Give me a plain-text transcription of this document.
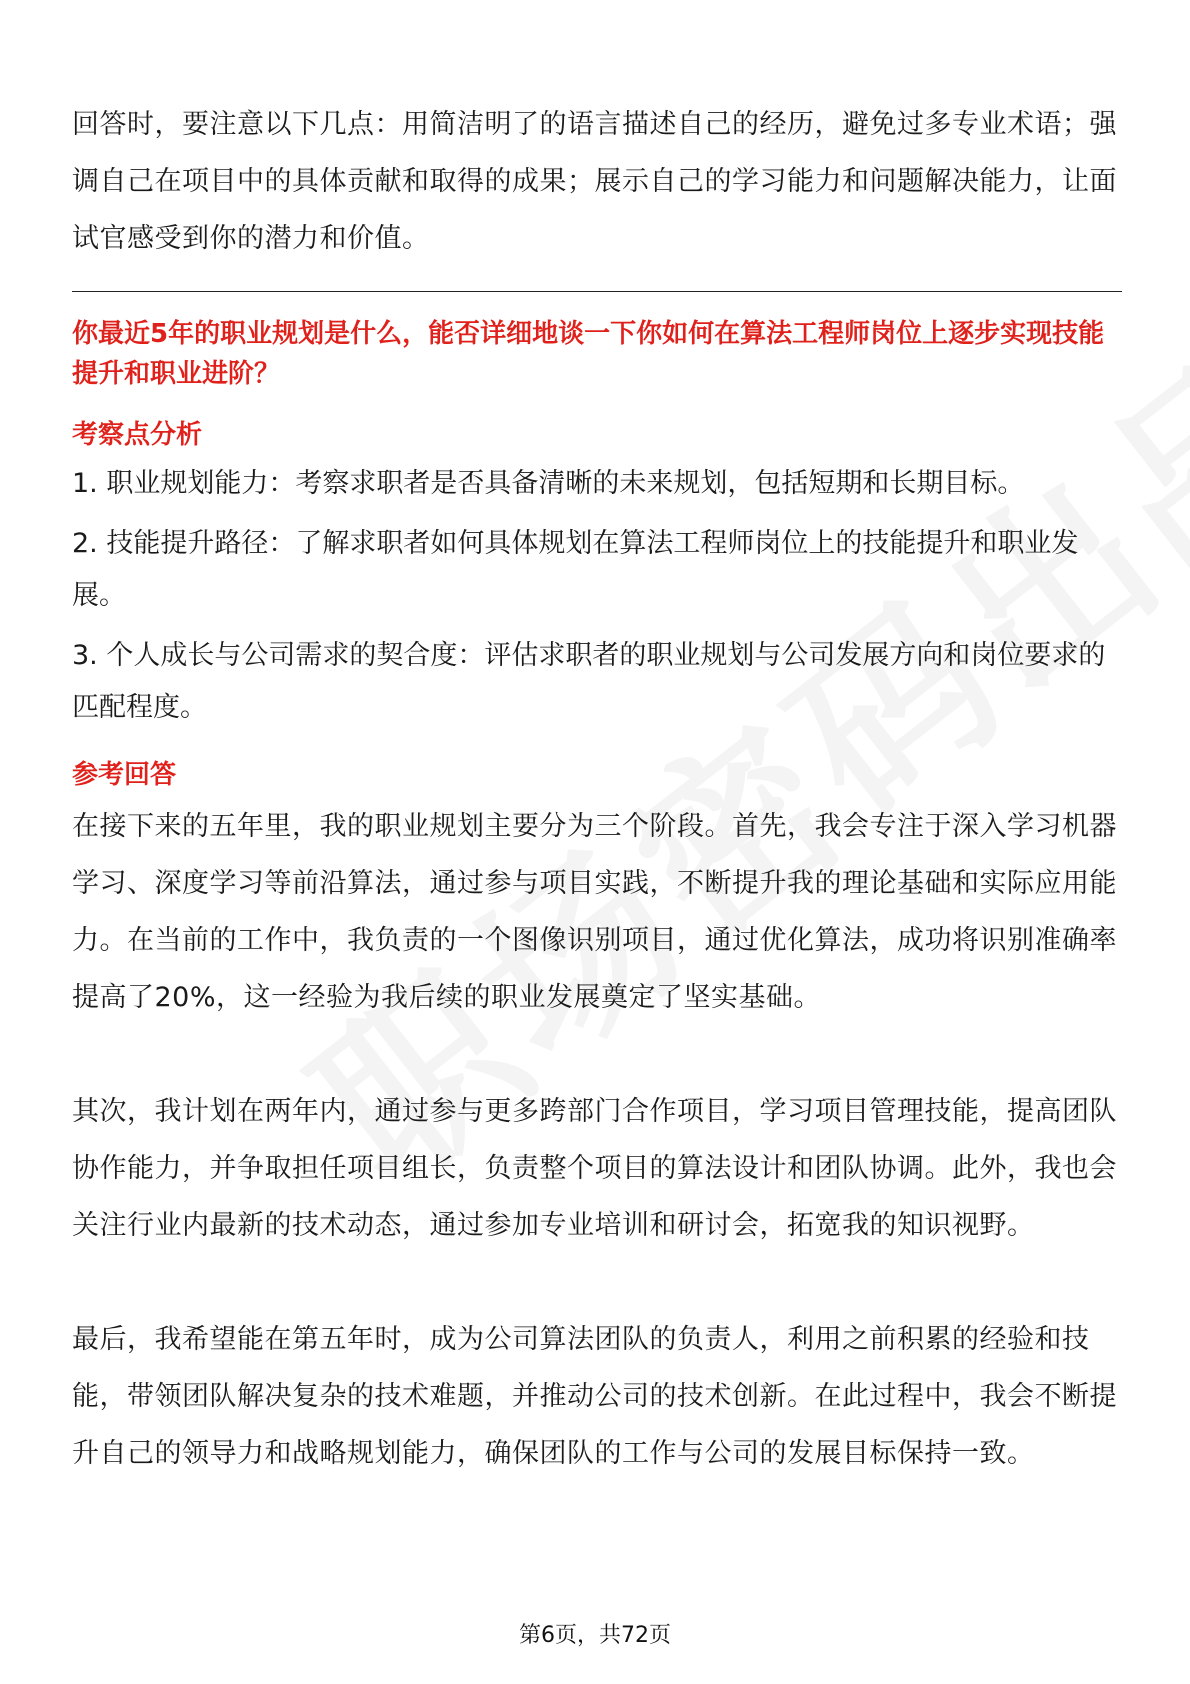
回答时，要注意以下几点：用简洁明了的语言描述自己的经历，避免过多专业术语；强调自己在项目中的具体贡献和取得的成果；展示自己的学习能力和问题解决能力，让面试官感受到你的潜力和价值。

你最近5年的职业规划是什么，能否详细地谈一下你如何在算法工程师岗位上逐步实现技能提升和职业进阶？

考察点分析

1. 职业规划能力：考察求职者是否具备清晰的未来规划，包括短期和长期目标。

2. 技能提升路径：了解求职者如何具体规划在算法工程师岗位上的技能提升和职业发展。

3. 个人成长与公司需求的契合度：评估求职者的职业规划与公司发展方向和岗位要求的匹配程度。

参考回答

在接下来的五年里，我的职业规划主要分为三个阶段。首先，我会专注于深入学习机器学习、深度学习等前沿算法，通过参与项目实践，不断提升我的理论基础和实际应用能力。在当前的工作中，我负责的一个图像识别项目，通过优化算法，成功将识别准确率提高了20%，这一经验为我后续的职业发展奠定了坚实基础。

其次，我计划在两年内，通过参与更多跨部门合作项目，学习项目管理技能，提高团队协作能力，并争取担任项目组长，负责整个项目的算法设计和团队协调。此外，我也会关注行业内最新的技术动态，通过参加专业培训和研讨会，拓宽我的知识视野。

最后，我希望能在第五年时，成为公司算法团队的负责人，利用之前积累的经验和技能，带领团队解决复杂的技术难题，并推动公司的技术创新。在此过程中，我会不断提升自己的领导力和战略规划能力，确保团队的工作与公司的发展目标保持一致。

第6页，共72页
